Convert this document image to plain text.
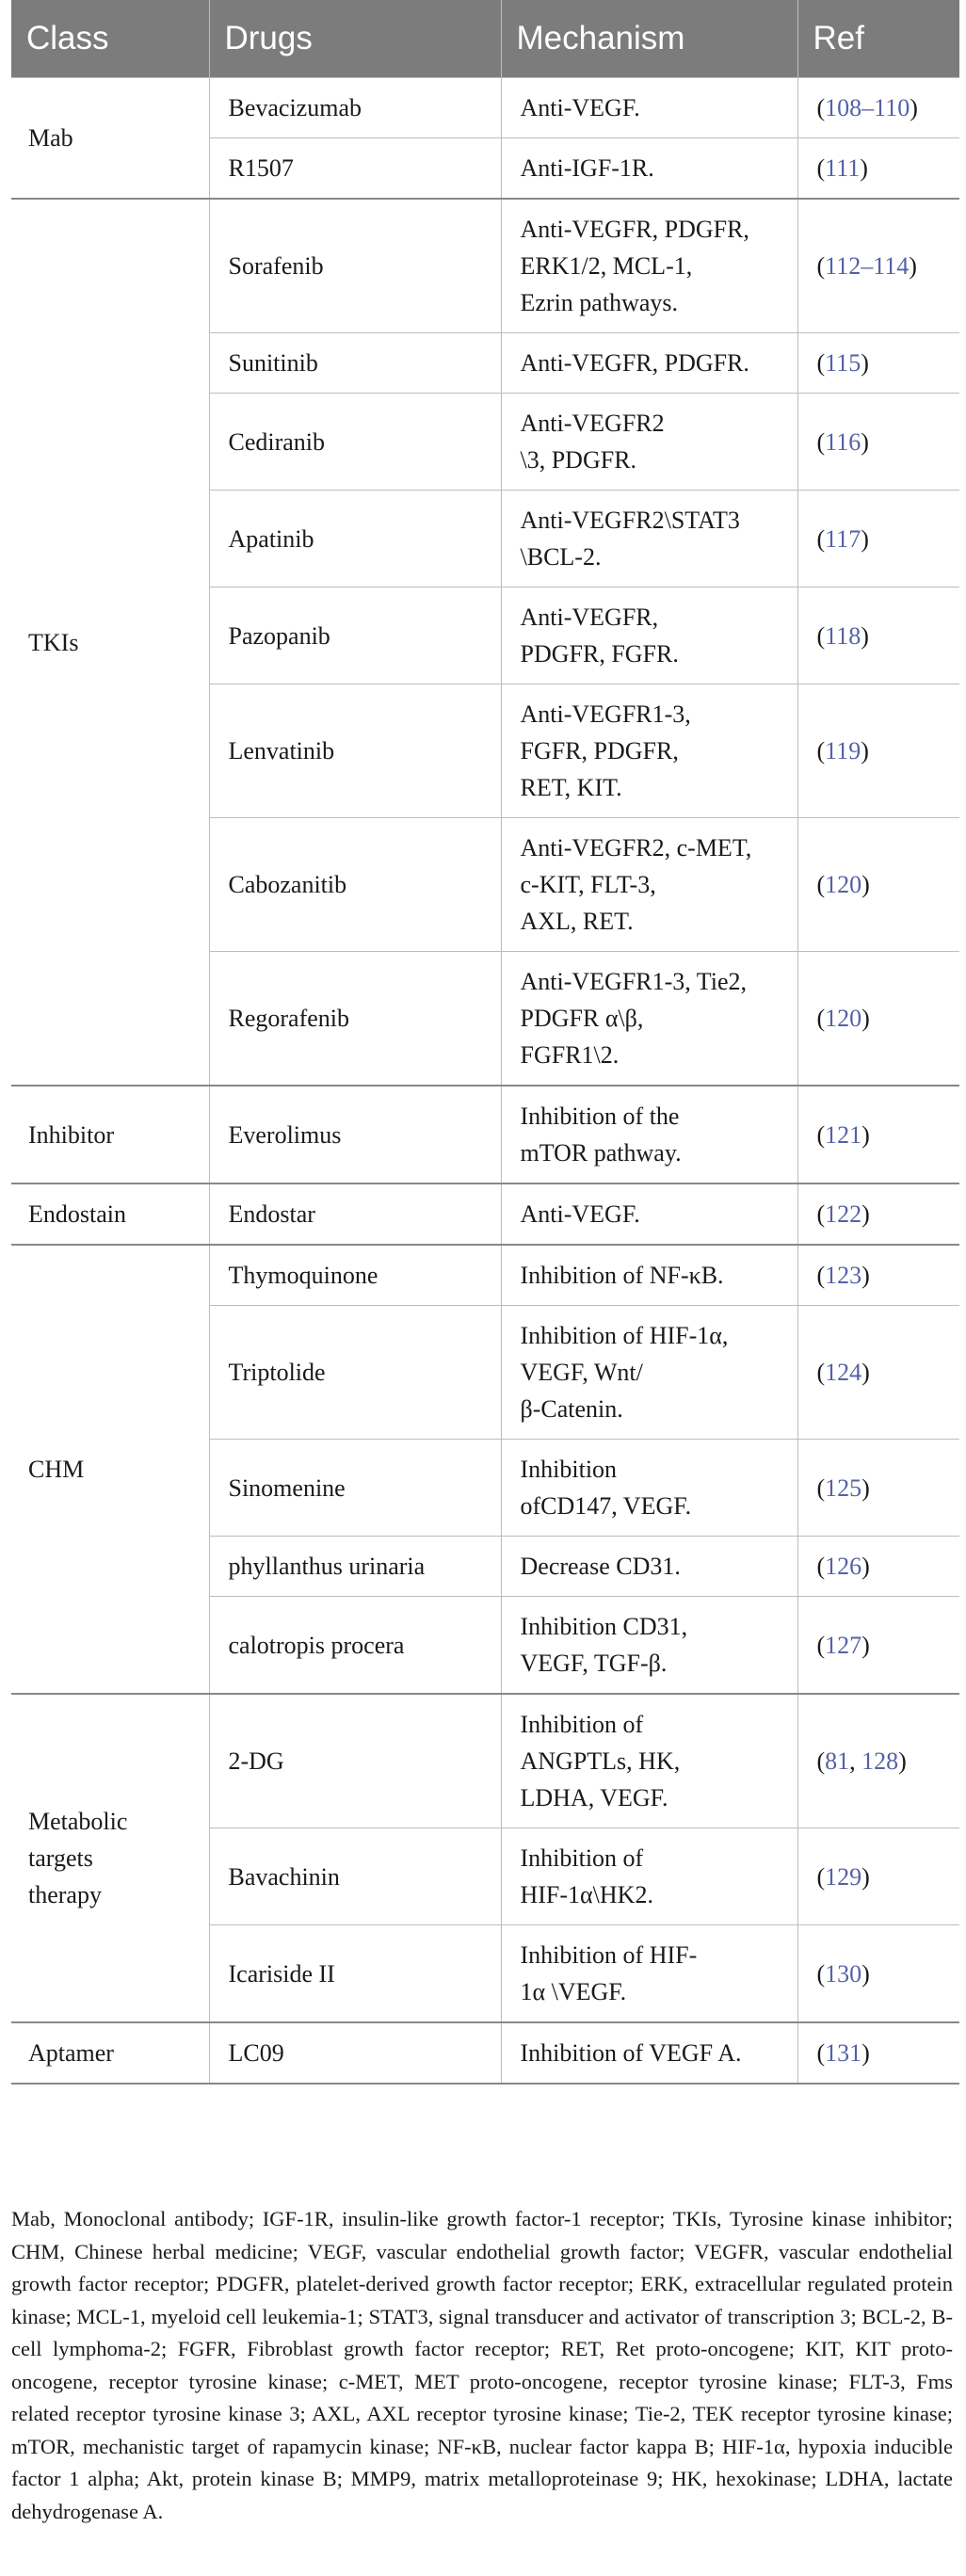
Class	Drugs	Mechanism	Ref
Mab	Bevacizumab	Anti-VEGF.	(108–110)
	R1507	Anti-IGF-1R.	(111)
TKIs	Sorafenib	Anti-VEGFR, PDGFR,
ERK1/2, MCL-1,
Ezrin pathways.	(112–114)
	Sunitinib	Anti-VEGFR, PDGFR.	(115)
	Cediranib	Anti-VEGFR2
\3, PDGFR.	(116)
	Apatinib	Anti-VEGFR2\STAT3
\BCL-2.	(117)
	Pazopanib	Anti-VEGFR,
PDGFR, FGFR.	(118)
	Lenvatinib	Anti-VEGFR1-3,
FGFR, PDGFR,
RET, KIT.	(119)
	Cabozanitib	Anti-VEGFR2, c-MET,
c-KIT, FLT-3,
AXL, RET.	(120)
	Regorafenib	Anti-VEGFR1-3, Tie2,
PDGFR α\β,
FGFR1\2.	(120)
Inhibitor	Everolimus	Inhibition of the
mTOR pathway.	(121)
Endostain	Endostar	Anti-VEGF.	(122)
CHM	Thymoquinone	Inhibition of NF-κB.	(123)
	Triptolide	Inhibition of HIF-1α,
VEGF, Wnt/
β-Catenin.	(124)
	Sinomenine	Inhibition
ofCD147, VEGF.	(125)
	phyllanthus urinaria	Decrease CD31.	(126)
	calotropis procera	Inhibition CD31,
VEGF, TGF-β.	(127)
Metabolic
targets
therapy	2-DG	Inhibition of
ANGPTLs, HK,
LDHA, VEGF.	(81, 128)
	Bavachinin	Inhibition of
HIF-1α\HK2.	(129)
	Icariside II	Inhibition of HIF-
1α \VEGF.	(130)
Aptamer	LC09	Inhibition of VEGF A.	(131)

Mab, Monoclonal antibody; IGF-1R, insulin-like growth factor-1 receptor; TKIs, Tyrosine kinase inhibitor; CHM, Chinese herbal medicine; VEGF, vascular endothelial growth factor; VEGFR, vascular endothelial growth factor receptor; PDGFR, platelet-derived growth factor receptor; ERK, extracellular regulated protein kinase; MCL-1, myeloid cell leukemia-1; STAT3, signal transducer and activator of transcription 3; BCL-2, B-cell lymphoma-2; FGFR, Fibroblast growth factor receptor; RET, Ret proto-oncogene; KIT, KIT proto-oncogene, receptor tyrosine kinase; c-MET, MET proto-oncogene, receptor tyrosine kinase; FLT-3, Fms related receptor tyrosine kinase 3; AXL, AXL receptor tyrosine kinase; Tie-2, TEK receptor tyrosine kinase; mTOR, mechanistic target of rapamycin kinase; NF-κB, nuclear factor kappa B; HIF-1α, hypoxia inducible factor 1 alpha; Akt, protein kinase B; MMP9, matrix metalloproteinase 9; HK, hexokinase; LDHA, lactate dehydrogenase A.
